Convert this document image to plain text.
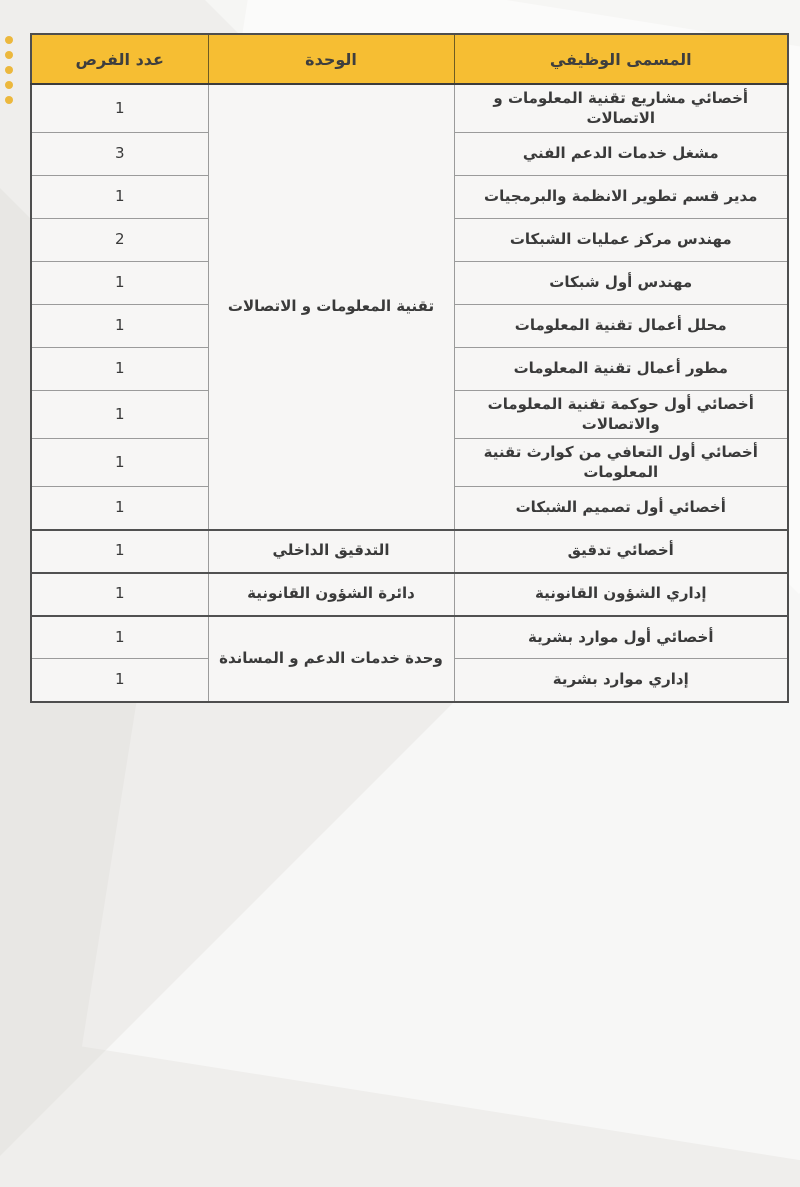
المسمى الوظيفي	الوحدة	عدد الفرص
أخصائي مشاريع تقنية المعلومات و الاتصالات	تقنية المعلومات و الاتصالات	1
مشغل خدمات الدعم الفني		3
مدير قسم تطوير الانظمة والبرمجيات		1
مهندس مركز عمليات الشبكات		2
مهندس أول شبكات		1
محلل أعمال تقنية المعلومات		1
مطور أعمال تقنية المعلومات		1
أخصائي أول حوكمة تقنية المعلومات والاتصالات		1
أخصائي أول التعافي من كوارث تقنية المعلومات		1
أخصائي أول تصميم الشبكات		1
أخصائي تدقيق	التدقيق الداخلي	1
إداري الشؤون القانونية	دائرة الشؤون القانونية	1
أخصائي أول موارد بشرية	وحدة خدمات الدعم و المساندة	1
إداري موارد بشرية		1
